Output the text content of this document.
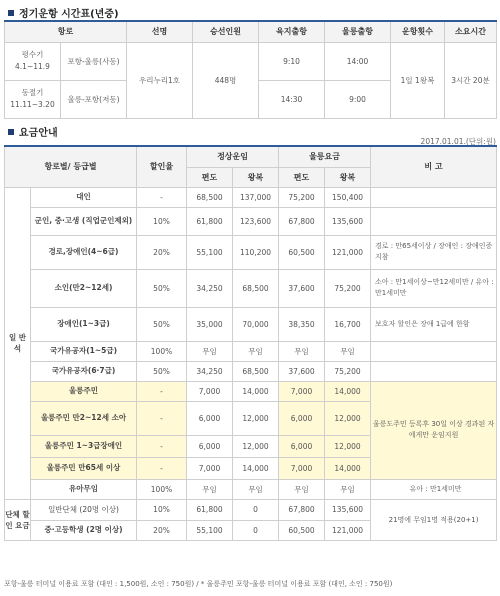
정기운항 시간표(년중)
항로		선명	승선인원	육지출항	울릉출항	운항횟수	소요시간

평수기
4.1~11.9	포항-울릉(사동)	우리누리1호	448명	9:10	14:00	1일 1왕복	3시간 20분

동절기
11.11~3.20	울릉-포항(저동)			14:30	9:00		
요금안내
2017.01.01.(단위:원)
항로별/ 등급별		할인율	정상운임		울릉요금		비 고
			편도	왕복	편도	왕복	
일 반 석	대인	-	68,500	137,000	75,200	150,400	
	군인, 중·고생 (직업군인제외)	10%	61,800	123,600	67,800	135,600	
	경로,장애인(4~6급)	20%	55,100	110,200	60,500	121,000	경로 : 만65세이상 / 장애인 : 장애인증 지참
	소인(만2~12세)	50%	34,250	68,500	37,600	75,200	소아 : 만1세이상~만12세미만 / 유아 : 만1세미만
	장애인(1~3급)	50%	35,000	70,000	38,350	16,700	보호자 할인은 장애 1급에 한함
	국가유공자(1~5급)	100%	무임	무임	무임	무임	
	국가유공자(6·7급)	50%	34,250	68,500	37,600	75,200	
	울릉주민	-	7,000	14,000	7,000	14,000	울릉도주민 등록후 30일 이상 경과된 자에게만 운임지원
	울릉주민 만2~12세 소아	-	6,000	12,000	6,000	12,000	
	울릉주민 1~3급장애인	-	6,000	12,000	6,000	12,000	
	울릉주민 만65세 이상	-	7,000	14,000	7,000	14,000	
	유아무임	100%	무임	무임	무임	무임	유아 : 만1세미만
단체 할인 요금	일반단체 (20명 이상)	10%	61,800	0	67,800	135,600	21명에 무임1명 적용(20+1)
	중·고등학생 (2명 이상)	20%	55,100	0	60,500	121,000	
포항-울릉 터미널 이용료 포함 (대인 : 1,500원, 소인 : 750원) / * 울릉주민 포항-울릉 터미널 이용료 포함 (대인, 소인 : 750원)
